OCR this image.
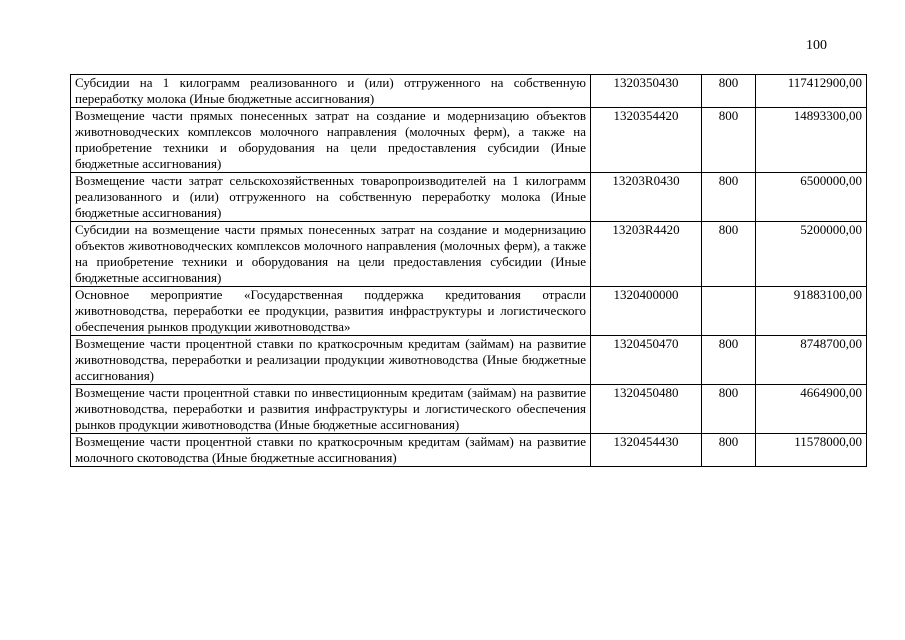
100
Субсидии на 1 килограмм реализованного и (или) отгруженного на собственную переработку молока (Иные бюджетные ассигнования)	1320350430	800	117412900,00
Возмещение части прямых понесенных затрат на создание и модернизацию объектов животноводческих комплексов молочного направления (молочных ферм), а также на приобретение техники и оборудования на цели предоставления субсидии (Иные бюджетные ассигнования)	1320354420	800	14893300,00
Возмещение части затрат сельскохозяйственных товаропроизводителей на 1 килограмм реализованного и (или) отгруженного на собственную переработку молока (Иные бюджетные ассигнования)	13203R0430	800	6500000,00
Субсидии на возмещение части прямых понесенных затрат на создание и модернизацию объектов животноводческих комплексов молочного направления (молочных ферм), а также на приобретение техники и оборудования на цели предоставления субсидии (Иные бюджетные ассигнования)	13203R4420	800	5200000,00
Основное мероприятие «Государственная поддержка кредитования отрасли животноводства, переработки ее продукции, развития инфраструктуры и логистического обеспечения рынков продукции животноводства»	1320400000		91883100,00
Возмещение части процентной ставки по краткосрочным кредитам (займам) на развитие животноводства, переработки и реализации продукции животноводства (Иные бюджетные ассигнования)	1320450470	800	8748700,00
Возмещение части процентной ставки по инвестиционным кредитам (займам) на развитие животноводства, переработки и развития инфраструктуры и логистического обеспечения рынков продукции животноводства (Иные бюджетные ассигнования)	1320450480	800	4664900,00
Возмещение части процентной ставки по краткосрочным кредитам (займам) на развитие молочного скотоводства (Иные бюджетные ассигнования)	1320454430	800	11578000,00
